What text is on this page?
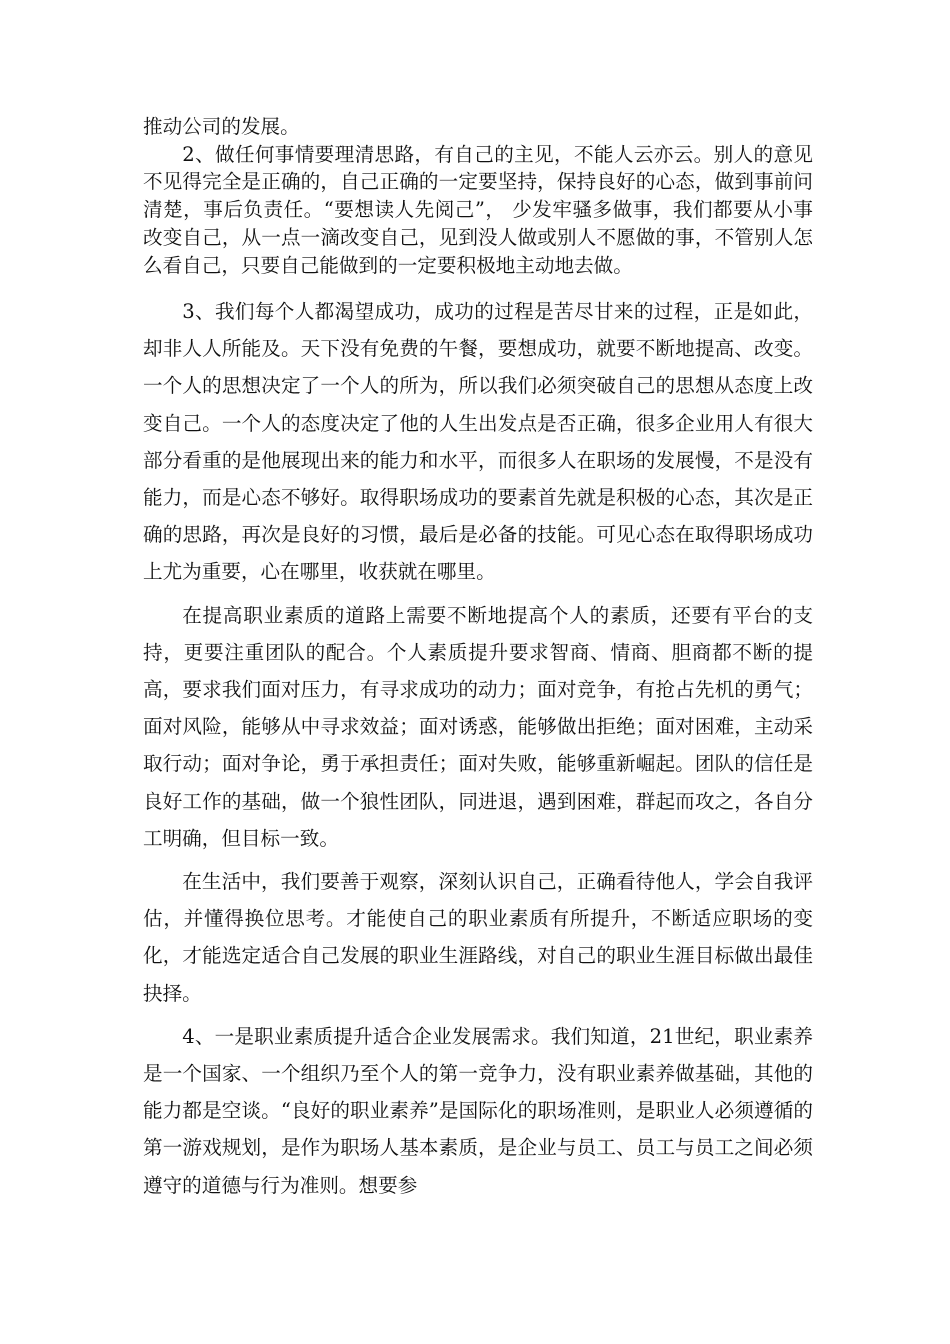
推动公司的发展。

2、做任何事情要理清思路，有自己的主见，不能人云亦云。别人的意见不见得完全是正确的，自己正确的一定要坚持，保持良好的心态，做到事前问清楚，事后负责任。“要想读人先阅己”， 少发牢骚多做事，我们都要从小事改变自己，从一点一滴改变自己，见到没人做或别人不愿做的事，不管别人怎么看自己，只要自己能做到的一定要积极地主动地去做。

3、我们每个人都渴望成功，成功的过程是苦尽甘来的过程，正是如此，却非人人所能及。天下没有免费的午餐，要想成功，就要不断地提高、改变。一个人的思想决定了一个人的所为，所以我们必须突破自己的思想从态度上改变自己。一个人的态度决定了他的人生出发点是否正确，很多企业用人有很大部分看重的是他展现出来的能力和水平，而很多人在职场的发展慢，不是没有能力，而是心态不够好。取得职场成功的要素首先就是积极的心态，其次是正确的思路，再次是良好的习惯，最后是必备的技能。可见心态在取得职场成功上尤为重要，心在哪里，收获就在哪里。

在提高职业素质的道路上需要不断地提高个人的素质，还要有平台的支持，更要注重团队的配合。个人素质提升要求智商、情商、胆商都不断的提高，要求我们面对压力，有寻求成功的动力；面对竞争，有抢占先机的勇气；面对风险，能够从中寻求效益；面对诱惑，能够做出拒绝；面对困难，主动采取行动；面对争论，勇于承担责任；面对失败，能够重新崛起。团队的信任是良好工作的基础，做一个狼性团队，同进退，遇到困难，群起而攻之，各自分工明确，但目标一致。

在生活中，我们要善于观察，深刻认识自己，正确看待他人，学会自我评估，并懂得换位思考。才能使自己的职业素质有所提升，不断适应职场的变化，才能选定适合自己发展的职业生涯路线，对自己的职业生涯目标做出最佳抉择。

4、一是职业素质提升适合企业发展需求。我们知道，21世纪，职业素养是一个国家、一个组织乃至个人的第一竞争力，没有职业素养做基础，其他的能力都是空谈。“良好的职业素养”是国际化的职场准则，是职业人必须遵循的第一游戏规划，是作为职场人基本素质，是企业与员工、员工与员工之间必须遵守的道德与行为准则。想要参
